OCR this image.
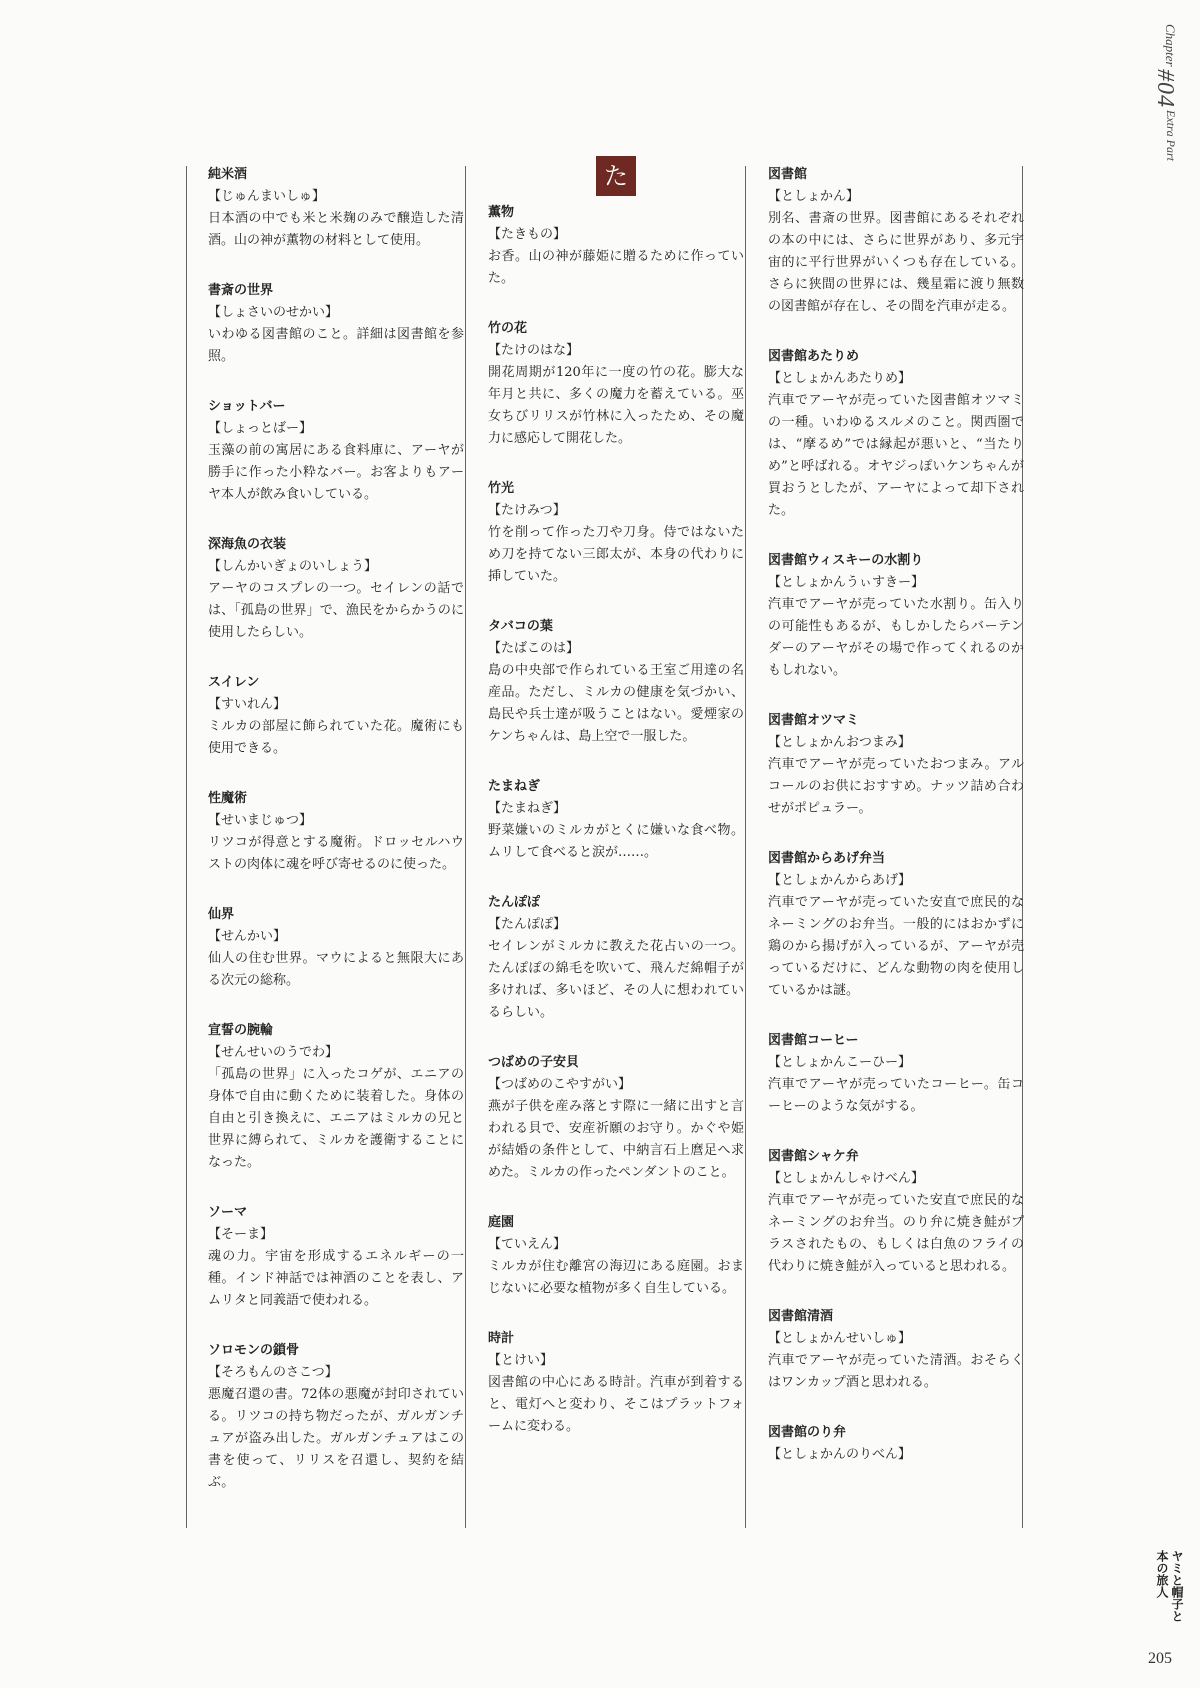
Chapter
#04
Extra Part
純米酒
【じゅんまいしゅ】
日本酒の中でも米と米麹のみで醸造した清酒。山の神が薫物の材料として使用。
書斎の世界
【しょさいのせかい】
いわゆる図書館のこと。詳細は図書館を参照。
ショットバー
【しょっとばー】
玉藻の前の寓居にある食料庫に、アーヤが勝手に作った小粋なバー。お客よりもアーヤ本人が飲み食いしている。
深海魚の衣装
【しんかいぎょのいしょう】
アーヤのコスプレの一つ。セイレンの話では、「孤島の世界」で、漁民をからかうのに使用したらしい。
スイレン
【すいれん】
ミルカの部屋に飾られていた花。魔術にも使用できる。
性魔術
【せいまじゅつ】
リツコが得意とする魔術。ドロッセルハウストの肉体に魂を呼び寄せるのに使った。
仙界
【せんかい】
仙人の住む世界。マウによると無限大にある次元の総称。
宣誓の腕輪
【せんせいのうでわ】
「孤島の世界」に入ったコゲが、エニアの身体で自由に動くために装着した。身体の自由と引き換えに、エニアはミルカの兄と世界に縛られて、ミルカを護衛することになった。
ソーマ
【そーま】
魂の力。宇宙を形成するエネルギーの一種。インド神話では神酒のことを表し、アムリタと同義語で使われる。
ソロモンの鎖骨
【そろもんのさこつ】
悪魔召還の書。72体の悪魔が封印されている。リツコの持ち物だったが、ガルガンチュアが盗み出した。ガルガンチュアはこの書を使って、リリスを召還し、契約を結ぶ。
た
薫物
【たきもの】
お香。山の神が藤姫に贈るために作っていた。
竹の花
【たけのはな】
開花周期が120年に一度の竹の花。膨大な年月と共に、多くの魔力を蓄えている。巫女ちびリリスが竹林に入ったため、その魔力に感応して開花した。
竹光
【たけみつ】
竹を削って作った刀や刀身。侍ではないため刀を持てない三郎太が、本身の代わりに挿していた。
タバコの葉
【たばこのは】
島の中央部で作られている王室ご用達の名産品。ただし、ミルカの健康を気づかい、島民や兵士達が吸うことはない。愛煙家のケンちゃんは、島上空で一服した。
たまねぎ
【たまねぎ】
野菜嫌いのミルカがとくに嫌いな食べ物。ムリして食べると涙が……。
たんぽぽ
【たんぽぽ】
セイレンがミルカに教えた花占いの一つ。たんぽぽの綿毛を吹いて、飛んだ綿帽子が多ければ、多いほど、その人に想われているらしい。
つばめの子安貝
【つばめのこやすがい】
燕が子供を産み落とす際に一緒に出すと言われる貝で、安産祈願のお守り。かぐや姫が結婚の条件として、中納言石上麿足へ求めた。ミルカの作ったペンダントのこと。
庭園
【ていえん】
ミルカが住む離宮の海辺にある庭園。おまじないに必要な植物が多く自生している。
時計
【とけい】
図書館の中心にある時計。汽車が到着すると、電灯へと変わり、そこはプラットフォームに変わる。
図書館
【としょかん】
別名、書斎の世界。図書館にあるそれぞれの本の中には、さらに世界があり、多元宇宙的に平行世界がいくつも存在している。さらに狭間の世界には、幾星霜に渡り無数の図書館が存在し、その間を汽車が走る。
図書館あたりめ
【としょかんあたりめ】
汽車でアーヤが売っていた図書館オツマミの一種。いわゆるスルメのこと。関西圏では、“摩るめ”では縁起が悪いと、“当たりめ”と呼ばれる。オヤジっぽいケンちゃんが買おうとしたが、アーヤによって却下された。
図書館ウィスキーの水割り
【としょかんうぃすきー】
汽車でアーヤが売っていた水割り。缶入りの可能性もあるが、もしかしたらバーテンダーのアーヤがその場で作ってくれるのかもしれない。
図書館オツマミ
【としょかんおつまみ】
汽車でアーヤが売っていたおつまみ。アルコールのお供におすすめ。ナッツ詰め合わせがポピュラー。
図書館からあげ弁当
【としょかんからあげ】
汽車でアーヤが売っていた安直で庶民的なネーミングのお弁当。一般的にはおかずに鶏のから揚げが入っているが、アーヤが売っているだけに、どんな動物の肉を使用しているかは謎。
図書館コーヒー
【としょかんこーひー】
汽車でアーヤが売っていたコーヒー。缶コーヒーのような気がする。
図書館シャケ弁
【としょかんしゃけべん】
汽車でアーヤが売っていた安直で庶民的なネーミングのお弁当。のり弁に焼き鮭がプラスされたもの、もしくは白魚のフライの代わりに焼き鮭が入っていると思われる。
図書館清酒
【としょかんせいしゅ】
汽車でアーヤが売っていた清酒。おそらくはワンカップ酒と思われる。
図書館のり弁
【としょかんのりべん】
ヤミと帽子と
本の旅人
205
